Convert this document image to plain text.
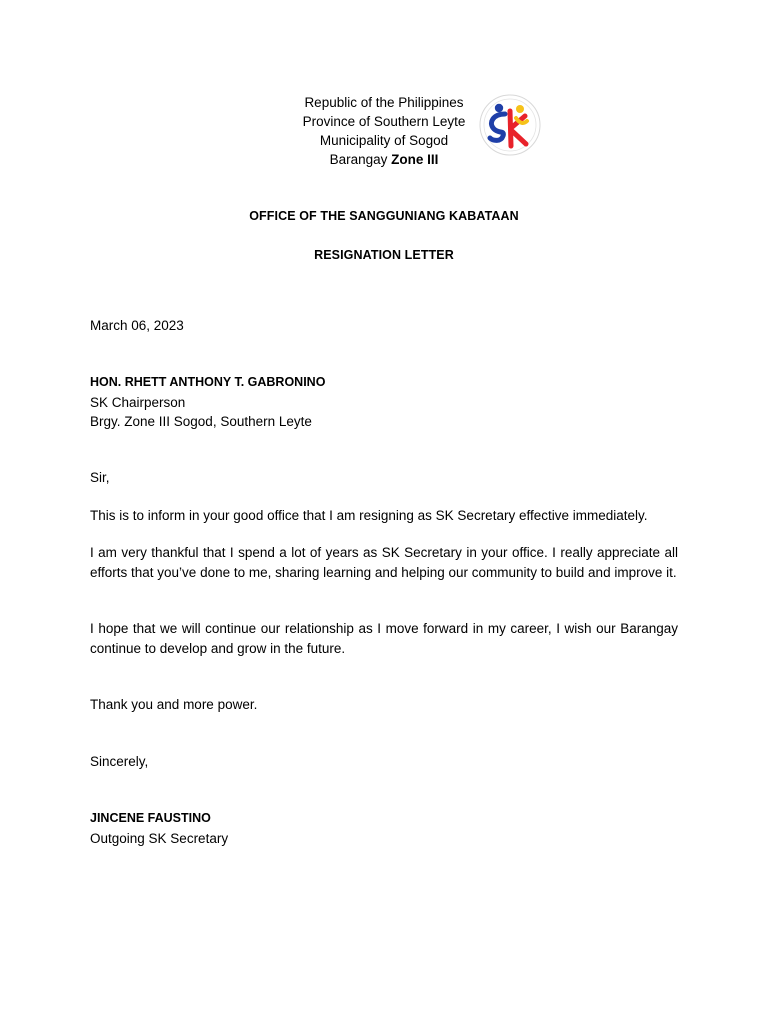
Republic of the Philippines
Province of Southern Leyte
Municipality of Sogod
Barangay Zone III
OFFICE OF THE SANGGUNIANG KABATAAN
RESIGNATION LETTER
March 06, 2023
HON. RHETT ANTHONY T. GABRONINO
SK Chairperson
Brgy. Zone III Sogod, Southern Leyte
Sir,
This is to inform in your good office that I am resigning as SK Secretary effective immediately.
I am very thankful that I spend a lot of years as SK Secretary in your office. I really appreciate all efforts that you’ve done to me, sharing learning and helping our community to build and improve it.
I hope that we will continue our relationship as I move forward in my career, I wish our Barangay continue to develop and grow in the future.
Thank you and more power.
Sincerely,
JINCENE FAUSTINO
Outgoing SK Secretary
